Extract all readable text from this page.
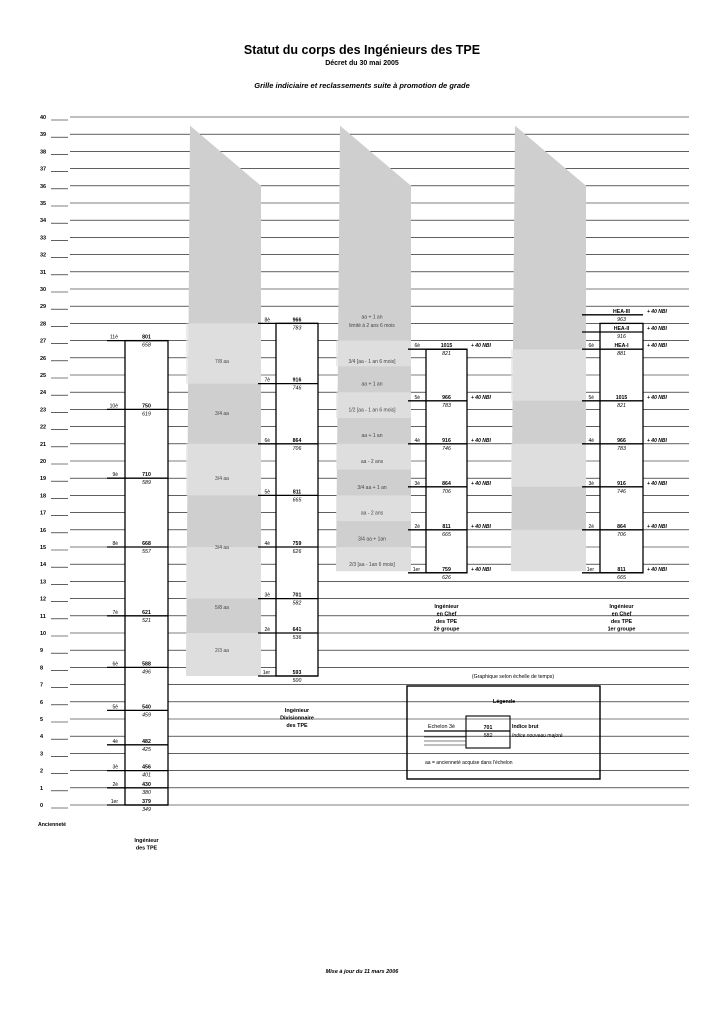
Statut du corps des Ingénieurs des TPE
Décret du 30 mai 2005
Grille indiciaire et reclassements suite à promotion de grade
0
1
2
3
4
5
6
7
8
9
10
11
12
13
14
15
16
17
18
19
20
21
22
23
24
25
26
27
28
29
30
31
32
33
34
35
36
37
38
39
40
Ancienneté
2/3 aa
5/8 aa
3/4 aa
3/4 aa
3/4 aa
7/8 aa
2/3 [aa - 1an 6 mois]
3/4 aa + 1an
aa - 2 ans
3/4 aa + 1 an
aa - 2 ans
aa + 1 an
1/2 [aa - 1 an 6 mois]
aa + 1 an
3/4 [aa - 1 an 6 mois]
aa + 1 an
limité à 2 ans 6 mois
1er	379
349
2è	430
380
3è	456
401
4è	482
425
5è	540
459
6è	588
496
7è	621
521
8è	668
557
9è	710
589
10è	750
619
11è	801
658
Ingénieur
des TPE
1er	593
500
2è	641
536
3è	701
582
4è	759
626
5è	811
665
6è	864
706
7è	916
746
8è	966
783
Ingénieur
Divisionnaire
des TPE
1er	759
626
+ 40 NBI
2è	811
665
+ 40 NBI
3è	864
706
+ 40 NBI
4è	916
746
+ 40 NBI
5è	966
783
+ 40 NBI
6è	1015
821
+ 40 NBI
Ingénieur
en Chef
des TPE
2è groupe
1er	811
665
+ 40 NBI
2è	864
706
+ 40 NBI
3è	916
746
+ 40 NBI
4è	966
783
+ 40 NBI
5è	1015
821
+ 40 NBI
6è	HEA-I
881
+ 40 NBI
HEA-II
916
+ 40 NBI
HEA-III
963
+ 40 NBI
Ingénieur
en Chef
des TPE
1er groupe
(Graphique selon échelle de temps)
Légende
Echelon 3è	701
582
Indice brut
Indice nouveau majoré
aa = ancienneté acquise dans l'échelon
Mise à jour du 11 mars 2006
